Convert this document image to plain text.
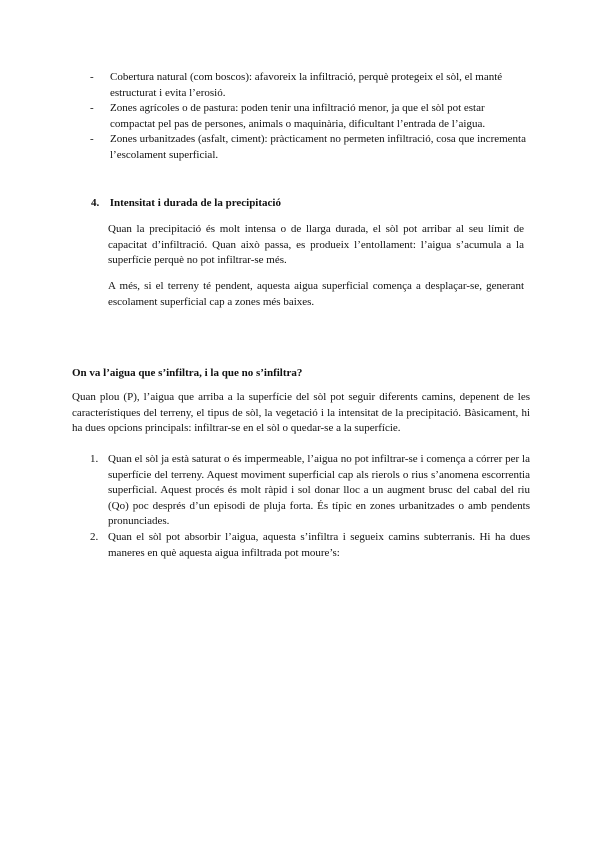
-	Cobertura natural (com boscos): afavoreix la infiltració, perquè protegeix el sòl, el manté estructurat i evita l’erosió.

-	Zones agrícoles o de pastura: poden tenir una infiltració menor, ja que el sòl pot estar compactat pel pas de persones, animals o maquinària, dificultant l’entrada de l’aigua.

-	Zones urbanitzades (asfalt, ciment): pràcticament no permeten infiltració, cosa que incrementa l’escolament superficial.

4. Intensitat i durada de la precipitació

Quan la precipitació és molt intensa o de llarga durada, el sòl pot arribar al seu límit de capacitat d’infiltració. Quan això passa, es produeix l’entollament: l’aigua s’acumula a la superfície perquè no pot infiltrar-se més.

A més, si el terreny té pendent, aquesta aigua superficial comença a desplaçar-se, generant escolament superficial cap a zones més baixes.

On va l’aigua que s’infiltra, i la que no s’infiltra?

Quan plou (P), l’aigua que arriba a la superfície del sòl pot seguir diferents camins, depenent de les característiques del terreny, el tipus de sòl, la vegetació i la intensitat de la precipitació. Bàsicament, hi ha dues opcions principals: infiltrar-se en el sòl o quedar-se a la superfície.

1. Quan el sòl ja està saturat o és impermeable, l’aigua no pot infiltrar-se i comença a córrer per la superfície del terreny. Aquest moviment superficial cap als rierols o rius s’anomena escorrentia superficial. Aquest procés és molt ràpid i sol donar lloc a un augment brusc del cabal del riu (Qo) poc després d’un episodi de pluja forta. És típic en zones urbanitzades o amb pendents pronunciades.

2. Quan el sòl pot absorbir l’aigua, aquesta s’infiltra i segueix camins subterranis. Hi ha dues maneres en què aquesta aigua infiltrada pot moure’s:
